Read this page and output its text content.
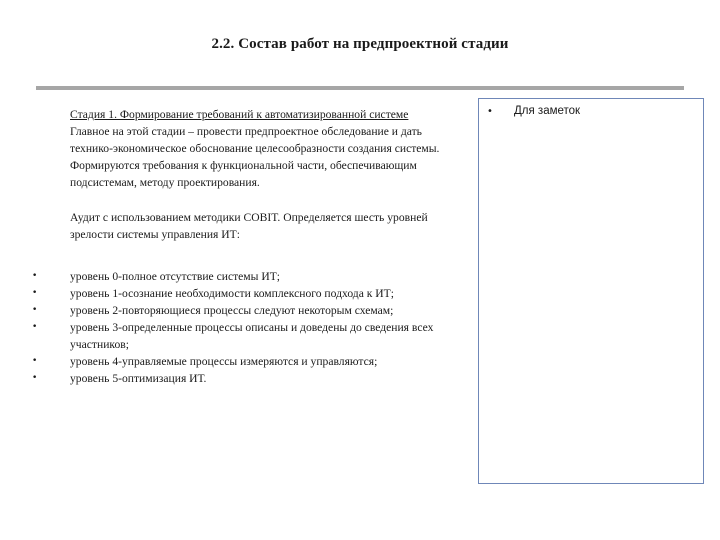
2.2. Состав работ на предпроектной стадии

Стадия 1. Формирование требований к автоматизированной системе

Главное на этой стадии – провести предпроектное обследование и дать технико-экономическое обоснование целесообразности создания системы. Формируются требования к функциональной части, обеспечивающим подсистемам, методу проектирования.

Аудит с использованием методики COBIT. Определяется шесть уровней зрелости системы управления ИТ:

•	уровень 0-полное отсутствие системы ИТ;
•	уровень 1-осознание необходимости комплексного подхода к ИТ;
•	уровень 2-повторяющиеся процессы следуют некоторым схемам;
•	уровень 3-определенные процессы описаны и доведены до сведения всех участников;
•	уровень 4-управляемые процессы измеряются и управляются;
•	уровень 5-оптимизация ИТ.
• Для заметок
